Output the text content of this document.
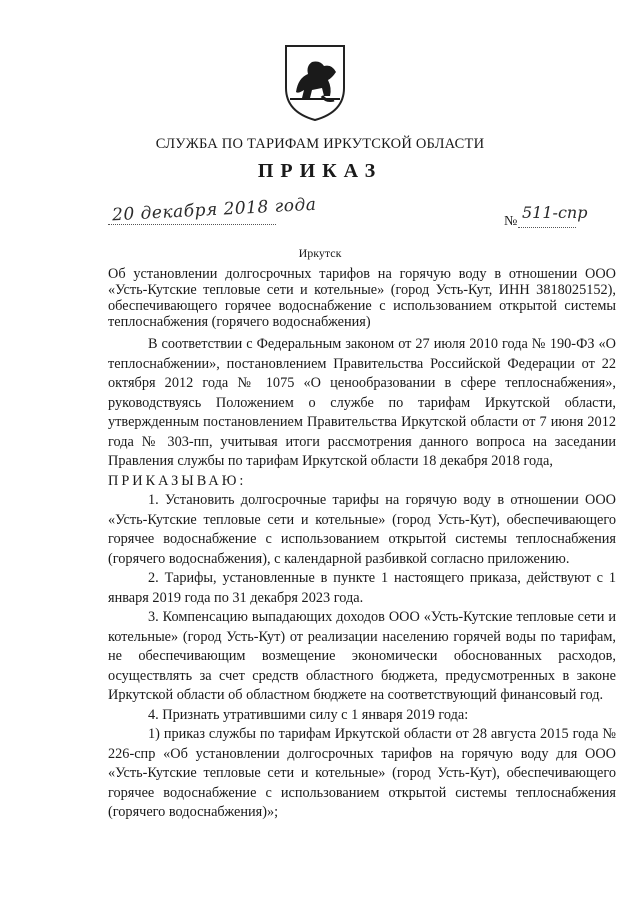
СЛУЖБА ПО ТАРИФАМ ИРКУТСКОЙ ОБЛАСТИ
ПРИКАЗ
20 декабря 2018 года	№ 511-спр
Иркутск
Об установлении долгосрочных тарифов на горячую воду в отношении ООО «Усть-Кутские тепловые сети и котельные» (город Усть-Кут, ИНН 3818025152), обеспечивающего горячее водоснабжение с использованием открытой системы теплоснабжения (горячего водоснабжения)

В соответствии с Федеральным законом от 27 июля 2010 года № 190-ФЗ «О теплоснабжении», постановлением Правительства Российской Федерации от 22 октября 2012 года № 1075 «О ценообразовании в сфере теплоснабжения», руководствуясь Положением о службе по тарифам Иркутской области, утвержденным постановлением Правительства Иркутской области от 7 июня 2012 года № 303-пп, учитывая итоги рассмотрения данного вопроса на заседании Правления службы по тарифам Иркутской области 18 декабря 2018 года,

ПРИКАЗЫВАЮ:

1. Установить долгосрочные тарифы на горячую воду в отношении ООО «Усть-Кутские тепловые сети и котельные» (город Усть-Кут), обеспечивающего горячее водоснабжение с использованием открытой системы теплоснабжения (горячего водоснабжения), с календарной разбивкой согласно приложению.

2. Тарифы, установленные в пункте 1 настоящего приказа, действуют с 1 января 2019 года по 31 декабря 2023 года.

3. Компенсацию выпадающих доходов ООО «Усть-Кутские тепловые сети и котельные» (город Усть-Кут) от реализации населению горячей воды по тарифам, не обеспечивающим возмещение экономически обоснованных расходов, осуществлять за счет средств областного бюджета, предусмотренных в законе Иркутской области об областном бюджете на соответствующий финансовый год.

4. Признать утратившими силу с 1 января 2019 года:

1) приказ службы по тарифам Иркутской области от 28 августа 2015 года № 226-спр «Об установлении долгосрочных тарифов на горячую воду для ООО «Усть-Кутские тепловые сети и котельные» (город Усть-Кут), обеспечивающего горячее водоснабжение с использованием открытой системы теплоснабжения (горячего водоснабжения)»;
